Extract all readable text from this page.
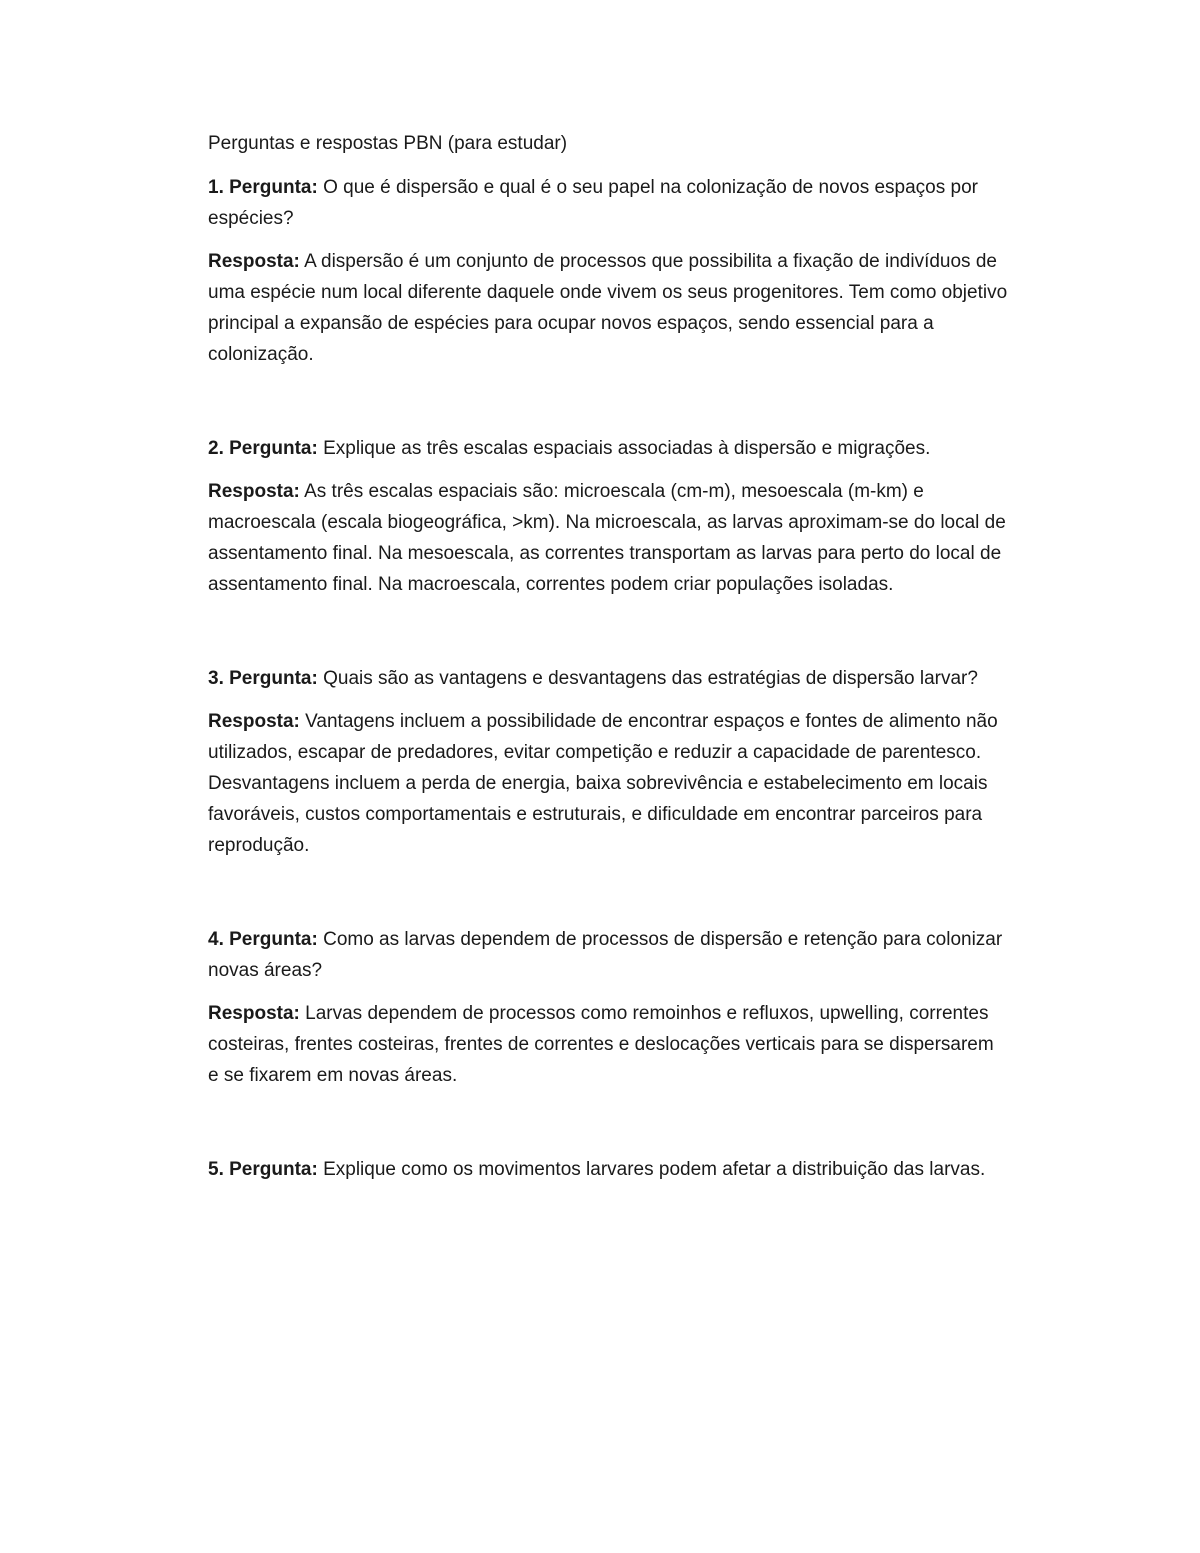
Perguntas e respostas PBN (para estudar)

1. Pergunta: O que é dispersão e qual é o seu papel na colonização de novos espaços por espécies?

Resposta: A dispersão é um conjunto de processos que possibilita a fixação de indivíduos de uma espécie num local diferente daquele onde vivem os seus progenitores. Tem como objetivo principal a expansão de espécies para ocupar novos espaços, sendo essencial para a colonização.

2. Pergunta: Explique as três escalas espaciais associadas à dispersão e migrações.

Resposta: As três escalas espaciais são: microescala (cm-m), mesoescala (m-km) e macroescala (escala biogeográfica, >km). Na microescala, as larvas aproximam-se do local de assentamento final. Na mesoescala, as correntes transportam as larvas para perto do local de assentamento final. Na macroescala, correntes podem criar populações isoladas.

3. Pergunta: Quais são as vantagens e desvantagens das estratégias de dispersão larvar?

Resposta: Vantagens incluem a possibilidade de encontrar espaços e fontes de alimento não utilizados, escapar de predadores, evitar competição e reduzir a capacidade de parentesco. Desvantagens incluem a perda de energia, baixa sobrevivência e estabelecimento em locais favoráveis, custos comportamentais e estruturais, e dificuldade em encontrar parceiros para reprodução.

4. Pergunta: Como as larvas dependem de processos de dispersão e retenção para colonizar novas áreas?

Resposta: Larvas dependem de processos como remoinhos e refluxos, upwelling, correntes costeiras, frentes costeiras, frentes de correntes e deslocações verticais para se dispersarem e se fixarem em novas áreas.

5. Pergunta: Explique como os movimentos larvares podem afetar a distribuição das larvas.
